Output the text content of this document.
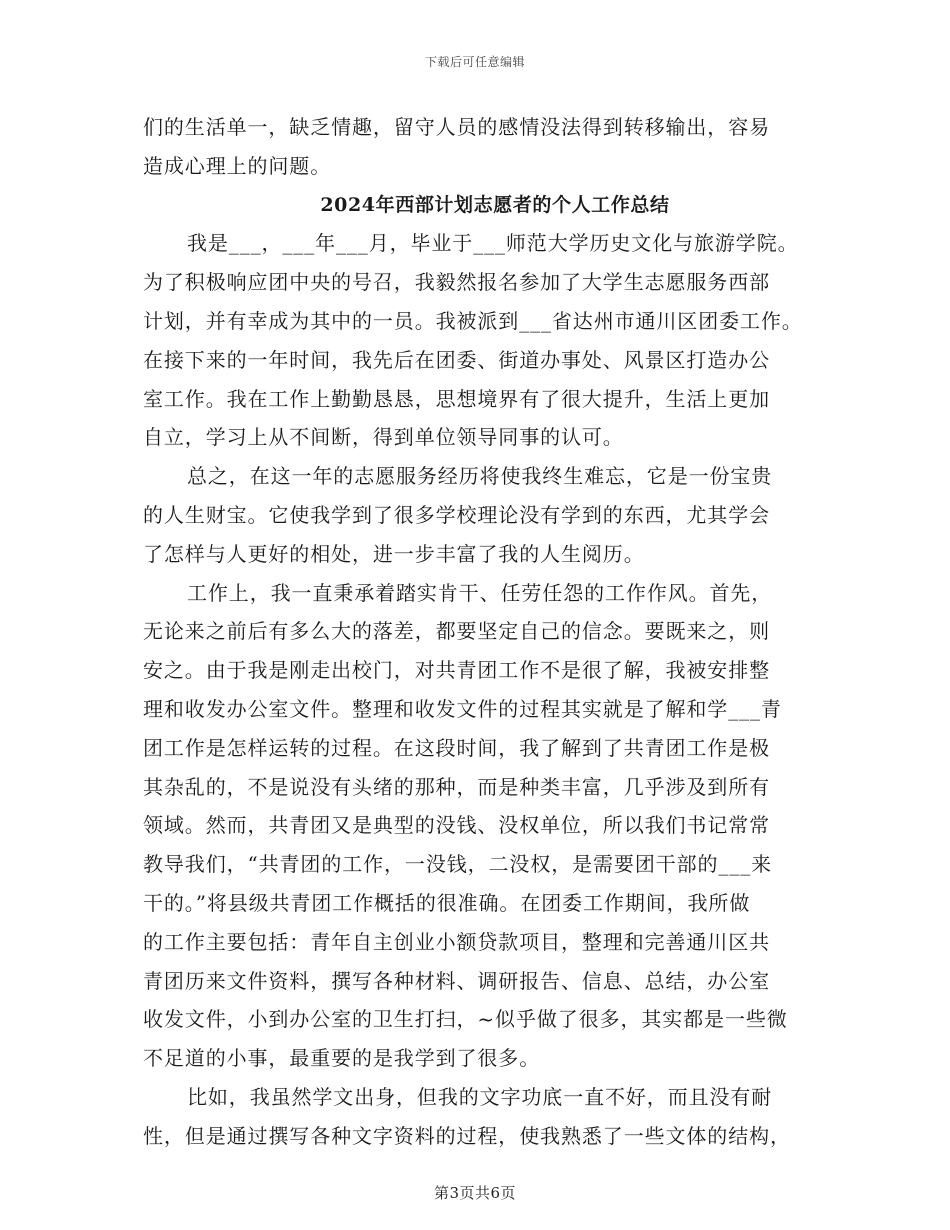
下载后可任意编辑
们的生活单一，缺乏情趣，留守人员的感情没法得到转移输出，容易
造成心理上的问题。
2024年西部计划志愿者的个人工作总结
我是___，___年___月，毕业于___师范大学历史文化与旅游学院。
为了积极响应团中央的号召，我毅然报名参加了大学生志愿服务西部
计划，并有幸成为其中的一员。我被派到___省达州市通川区团委工作。
在接下来的一年时间，我先后在团委、街道办事处、风景区打造办公
室工作。我在工作上勤勤恳恳，思想境界有了很大提升，生活上更加
自立，学习上从不间断，得到单位领导同事的认可。
总之，在这一年的志愿服务经历将使我终生难忘，它是一份宝贵
的人生财宝。它使我学到了很多学校理论没有学到的东西，尤其学会
了怎样与人更好的相处，进一步丰富了我的人生阅历。
工作上，我一直秉承着踏实肯干、任劳任怨的工作作风。首先，
无论来之前后有多么大的落差，都要坚定自己的信念。要既来之，则
安之。由于我是刚走出校门，对共青团工作不是很了解，我被安排整
理和收发办公室文件。整理和收发文件的过程其实就是了解和学___青
团工作是怎样运转的过程。在这段时间，我了解到了共青团工作是极
其杂乱的，不是说没有头绪的那种，而是种类丰富，几乎涉及到所有
领域。然而，共青团又是典型的没钱、没权单位，所以我们书记常常
教导我们，“共青团的工作，一没钱，二没权，是需要团干部的___来
干的。”将县级共青团工作概括的很准确。在团委工作期间，我所做
的工作主要包括：青年自主创业小额贷款项目，整理和完善通川区共
青团历来文件资料，撰写各种材料、调研报告、信息、总结，办公室
收发文件，小到办公室的卫生打扫，~似乎做了很多，其实都是一些微
不足道的小事，最重要的是我学到了很多。
比如，我虽然学文出身，但我的文字功底一直不好，而且没有耐
性，但是通过撰写各种文字资料的过程，使我熟悉了一些文体的结构，
第3页共6页
